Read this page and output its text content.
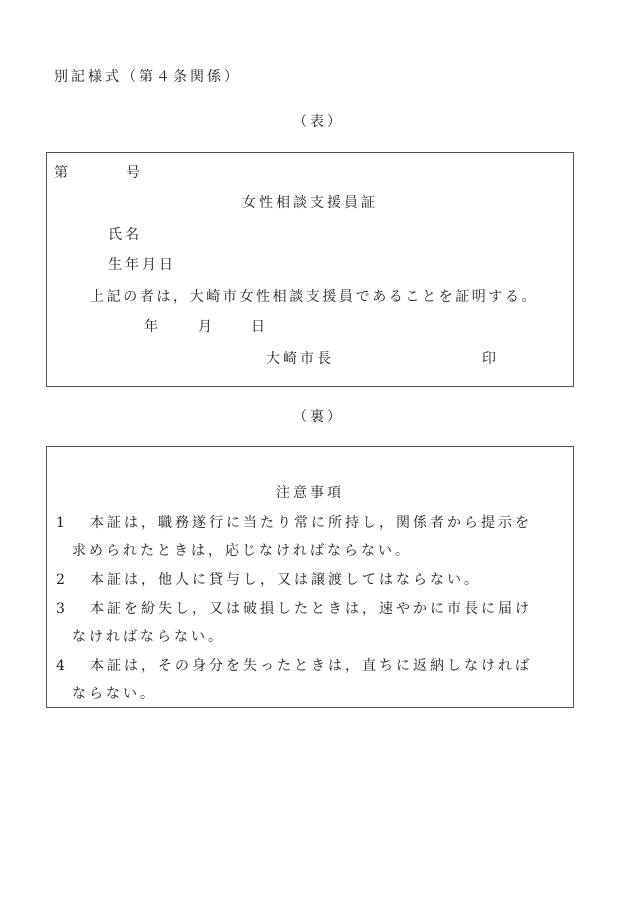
別記様式（第４条関係）
（表）
第	号
女性相談支援員証
氏名
生年月日
上記の者は，大崎市女性相談支援員であることを証明する。
年	月	日
大崎市長	印
（裏）
注意事項
1 本証は，職務遂行に当たり常に所持し，関係者から提示を
求められたときは，応じなければならない。
2 本証は，他人に貸与し，又は譲渡してはならない。
3 本証を紛失し，又は破損したときは，速やかに市長に届け
なければならない。
4 本証は，その身分を失ったときは，直ちに返納しなければ
ならない。
